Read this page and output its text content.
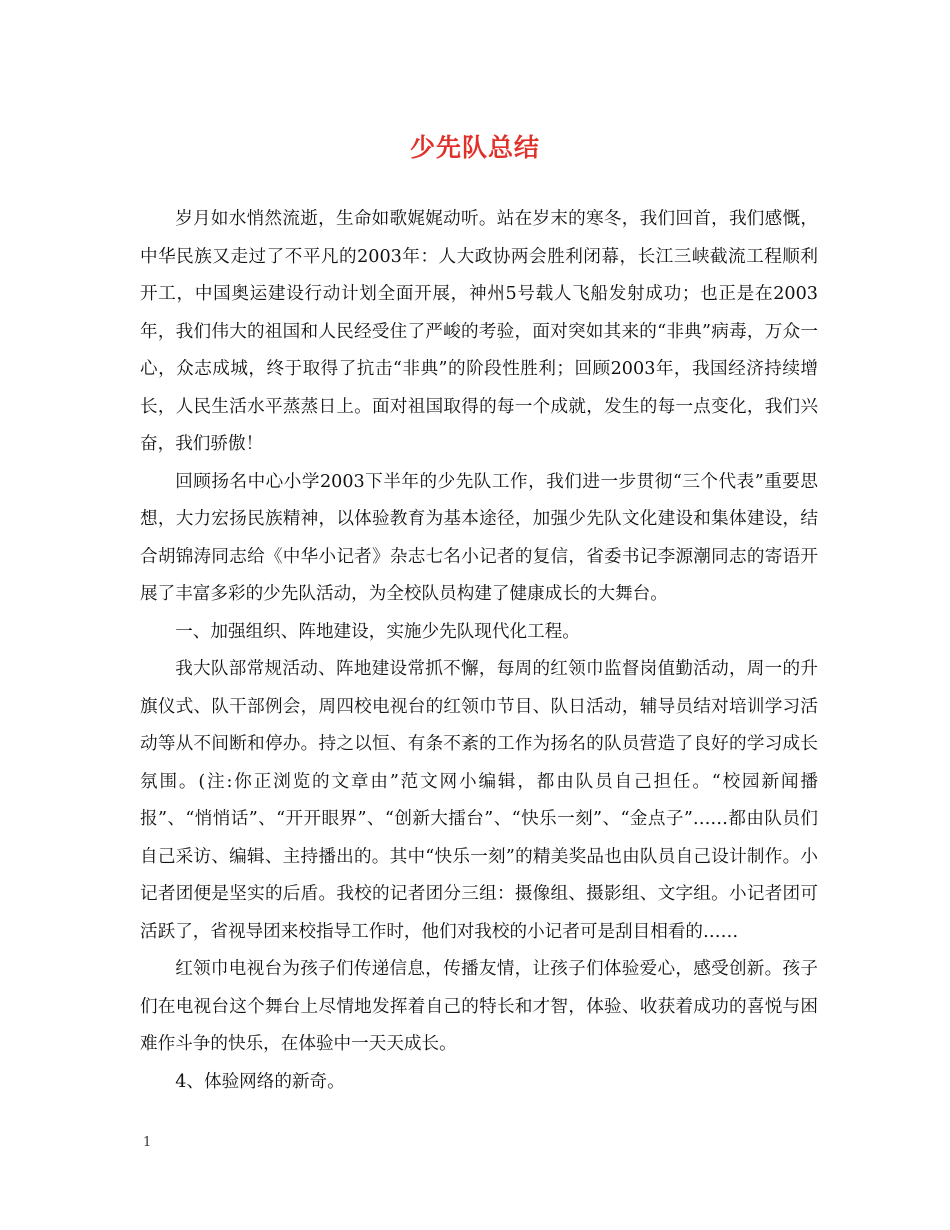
少先队总结

岁月如水悄然流逝，生命如歌娓娓动听。站在岁末的寒冬，我们回首，我们感慨，中华民族又走过了不平凡的2003年：人大政协两会胜利闭幕，长江三峡截流工程顺利开工，中国奥运建设行动计划全面开展，神州5号载人飞船发射成功；也正是在2003年，我们伟大的祖国和人民经受住了严峻的考验，面对突如其来的“非典”病毒，万众一心，众志成城，终于取得了抗击“非典”的阶段性胜利；回顾2003年，我国经济持续增长，人民生活水平蒸蒸日上。面对祖国取得的每一个成就，发生的每一点变化，我们兴奋，我们骄傲！

回顾扬名中心小学2003下半年的少先队工作，我们进一步贯彻“三个代表”重要思想，大力宏扬民族精神，以体验教育为基本途径，加强少先队文化建设和集体建设，结合胡锦涛同志给《中华小记者》杂志七名小记者的复信，省委书记李源潮同志的寄语开展了丰富多彩的少先队活动，为全校队员构建了健康成长的大舞台。

一、加强组织、阵地建设，实施少先队现代化工程。

我大队部常规活动、阵地建设常抓不懈，每周的红领巾监督岗值勤活动，周一的升旗仪式、队干部例会，周四校电视台的红领巾节目、队日活动，辅导员结对培训学习活动等从不间断和停办。持之以恒、有条不紊的工作为扬名的队员营造了良好的学习成长氛围。(注:你正浏览的文章由”范文网小编辑，都由队员自己担任。“校园新闻播报”、“悄悄话”、“开开眼界”、“创新大擂台”、“快乐一刻”、“金点子”……都由队员们自己采访、编辑、主持播出的。其中“快乐一刻”的精美奖品也由队员自己设计制作。小记者团便是坚实的后盾。我校的记者团分三组：摄像组、摄影组、文字组。小记者团可活跃了，省视导团来校指导工作时，他们对我校的小记者可是刮目相看的……

红领巾电视台为孩子们传递信息，传播友情，让孩子们体验爱心，感受创新。孩子们在电视台这个舞台上尽情地发挥着自己的特长和才智，体验、收获着成功的喜悦与困难作斗争的快乐，在体验中一天天成长。

4、体验网络的新奇。

1
